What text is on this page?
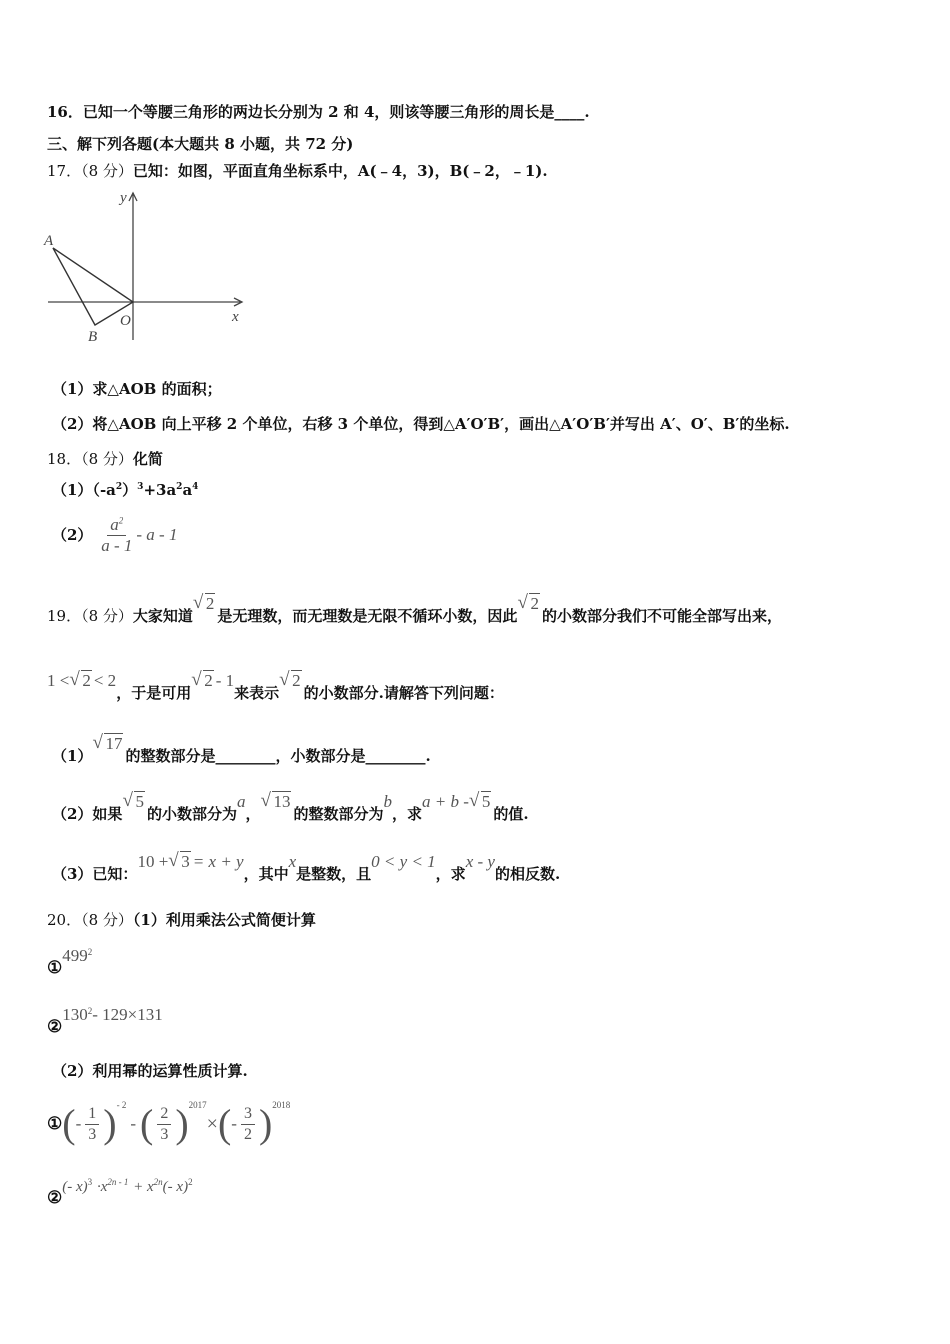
16．已知一个等腰三角形的两边长分别为 2 和 4，则该等腰三角形的周长是____.
三、解下列各题(本大题共 8 小题，共 72 分)
17．（8 分）已知：如图，平面直角坐标系中，A(﹣4，3)，B(﹣2，﹣1).
y
x
A
B
O
（1）求△AOB 的面积；
（2）将△AOB 向上平移 2 个单位，右移 3 个单位，得到△A′O′B′，画出△A′O′B′并写出 A′、O′、B′的坐标.
18．（8 分）化简
$(1)(-a^2)^3+3a^2a^4$
$(2) \frac{a^2}{a - 1}$ - a - 1
19．（8 分）大家知道√ 2是无理数，而无理数是无限不循环小数，因此√ 2的小数部分我们不可能全部写出来，
1 < √ 2 < 2，于是可用√ 2 - 1来表示√ 2的小数部分.请解答下列问题：
（1）√ 17的整数部分是________，小数部分是________.
（2）如果√ 5的小数部分为a，√ 13的整数部分为b，求a + b - √ 5的值.
（3）已知：10 + √ 3 = x + y，其中x是整数，且0 < y < 1，求x - y的相反数.
20．（8 分）（1）利用乘法公式简便计算
$①499^2$
$②130^2-$ 129×131
（2）利用幂的运算性质计算.
①(- $\frac{1}{3} )^{- 2}-$ ( $\frac{2}{3} )^{2017}\times(- \frac{3}{2} )^{2018}$
②(- $x)^3 \cdot x^{2n - 1} + x^{2n}(-$ x)$^2$
